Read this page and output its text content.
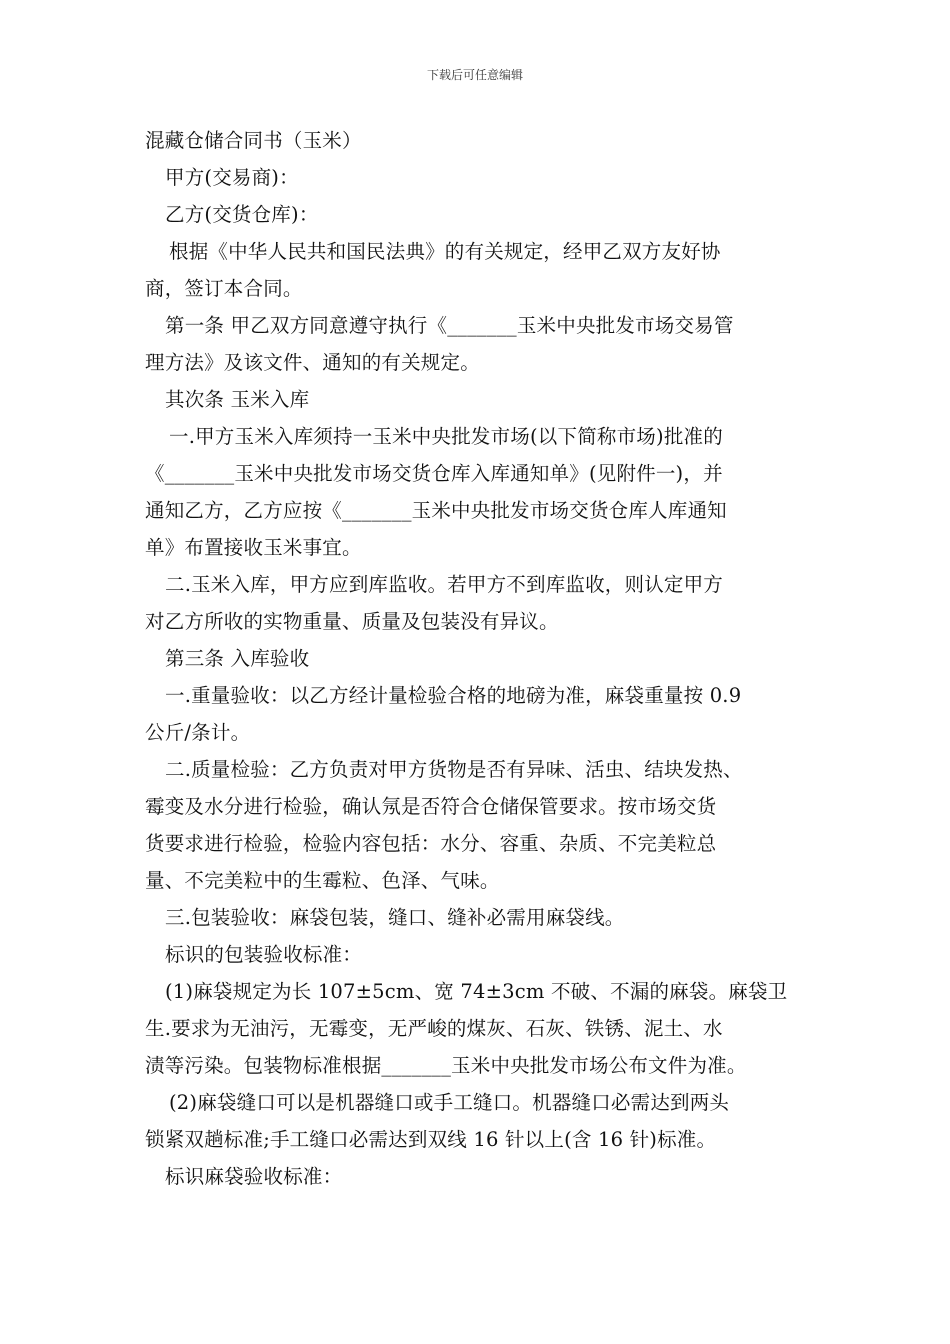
下载后可任意编辑
混藏仓储合同书（玉米）
甲方(交易商)：
乙方(交货仓库)：
根据《中华人民共和国民法典》的有关规定，经甲乙双方友好协
商，签订本合同。
第一条 甲乙双方同意遵守执行《_______玉米中央批发市场交易管
理方法》及该文件、通知的有关规定。
其次条 玉米入库
一.甲方玉米入库须持一玉米中央批发市场(以下简称市场)批准的
《_______玉米中央批发市场交货仓库入库通知单》(见附件一)，并
通知乙方，乙方应按《_______玉米中央批发市场交货仓库人库通知
单》布置接收玉米事宜。
二.玉米入库，甲方应到库监收。若甲方不到库监收，则认定甲方
对乙方所收的实物重量、质量及包装没有异议。
第三条 入库验收
一.重量验收：以乙方经计量检验合格的地磅为准，麻袋重量按 0.9
公斤/条计。
二.质量检验：乙方负责对甲方货物是否有异味、活虫、结块发热、
霉变及水分进行检验，确认氖是否符合仓储保管要求。按市场交货
货要求进行检验，检验内容包括：水分、容重、杂质、不完美粒总
量、不完美粒中的生霉粒、色泽、气味。
三.包装验收：麻袋包装，缝口、缝补必需用麻袋线。
标识的包装验收标准：
(1)麻袋规定为长 107±5cm、宽 74±3cm 不破、不漏的麻袋。麻袋卫
生.要求为无油污，无霉变，无严峻的煤灰、石灰、铁锈、泥土、水
渍等污染。包装物标准根据_______玉米中央批发市场公布文件为准。
(2)麻袋缝口可以是机器缝口或手工缝口。机器缝口必需达到两头
锁紧双趟标准;手工缝口必需达到双线 16 针以上(含 16 针)标准。
标识麻袋验收标准：
